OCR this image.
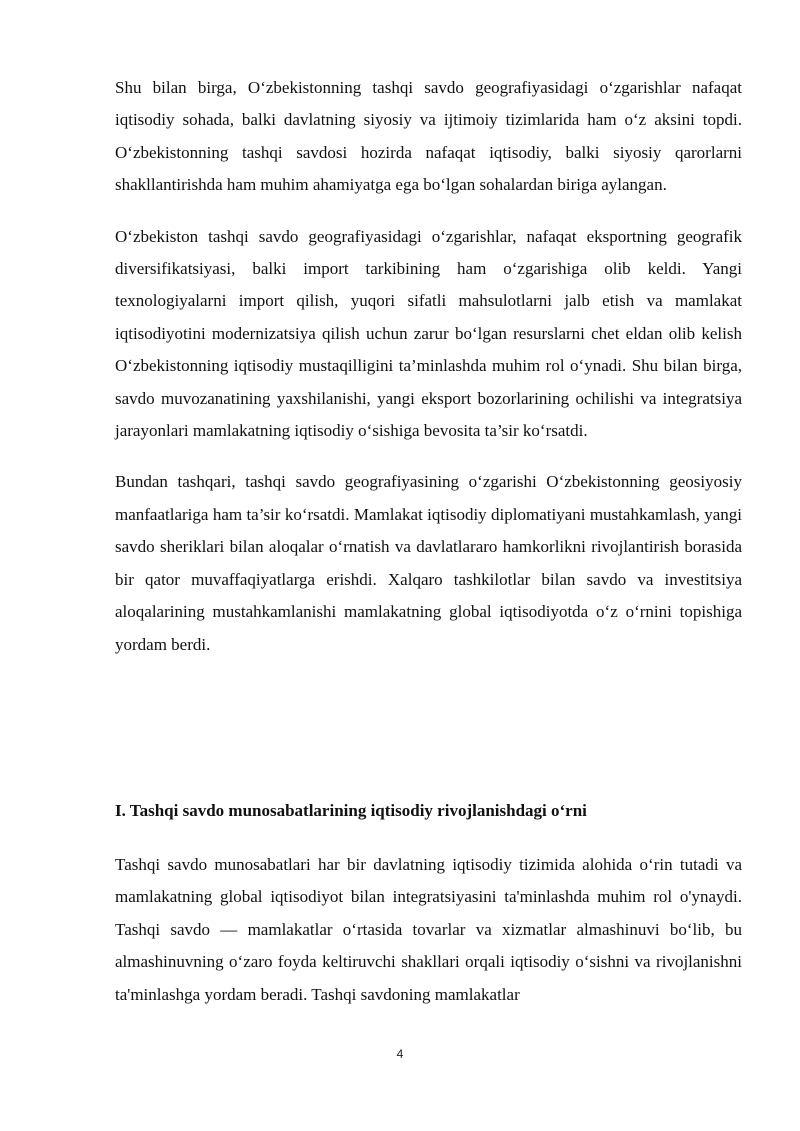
Shu bilan birga, O‘zbekistonning tashqi savdo geografiyasidagi o‘zgarishlar nafaqat iqtisodiy sohada, balki davlatning siyosiy va ijtimoiy tizimlarida ham o‘z aksini topdi. O‘zbekistonning tashqi savdosi hozirda nafaqat iqtisodiy, balki siyosiy qarorlarni shakllantirishda ham muhim ahamiyatga ega bo‘lgan sohalardan biriga aylangan.

O‘zbekiston tashqi savdo geografiyasidagi o‘zgarishlar, nafaqat eksportning geografik diversifikatsiyasi, balki import tarkibining ham o‘zgarishiga olib keldi. Yangi texnologiyalarni import qilish, yuqori sifatli mahsulotlarni jalb etish va mamlakat iqtisodiyotini modernizatsiya qilish uchun zarur bo‘lgan resurslarni chet eldan olib kelish O‘zbekistonning iqtisodiy mustaqilligini ta’minlashda muhim rol o‘ynadi. Shu bilan birga, savdo muvozanatining yaxshilanishi, yangi eksport bozorlarining ochilishi va integratsiya jarayonlari mamlakatning iqtisodiy o‘sishiga bevosita ta’sir ko‘rsatdi.

Bundan tashqari, tashqi savdo geografiyasining o‘zgarishi O‘zbekistonning geosiyosiy manfaatlariga ham ta’sir ko‘rsatdi. Mamlakat iqtisodiy diplomatiyani mustahkamlash, yangi savdo sheriklari bilan aloqalar o‘rnatish va davlatlararo hamkorlikni rivojlantirish borasida bir qator muvaffaqiyatlarga erishdi. Xalqaro tashkilotlar bilan savdo va investitsiya aloqalarining mustahkamlanishi mamlakatning global iqtisodiyotda o‘z o‘rnini topishiga yordam berdi.

I. Tashqi savdo munosabatlarining iqtisodiy rivojlanishdagi o‘rni

Tashqi savdo munosabatlari har bir davlatning iqtisodiy tizimida alohida o‘rin tutadi va mamlakatning global iqtisodiyot bilan integratsiyasini ta'minlashda muhim rol o'ynaydi. Tashqi savdo — mamlakatlar o‘rtasida tovarlar va xizmatlar almashinuvi bo‘lib, bu almashinuvning o‘zaro foyda keltiruvchi shakllari orqali iqtisodiy o‘sishni va rivojlanishni ta'minlashga yordam beradi. Tashqi savdoning mamlakatlar

4
